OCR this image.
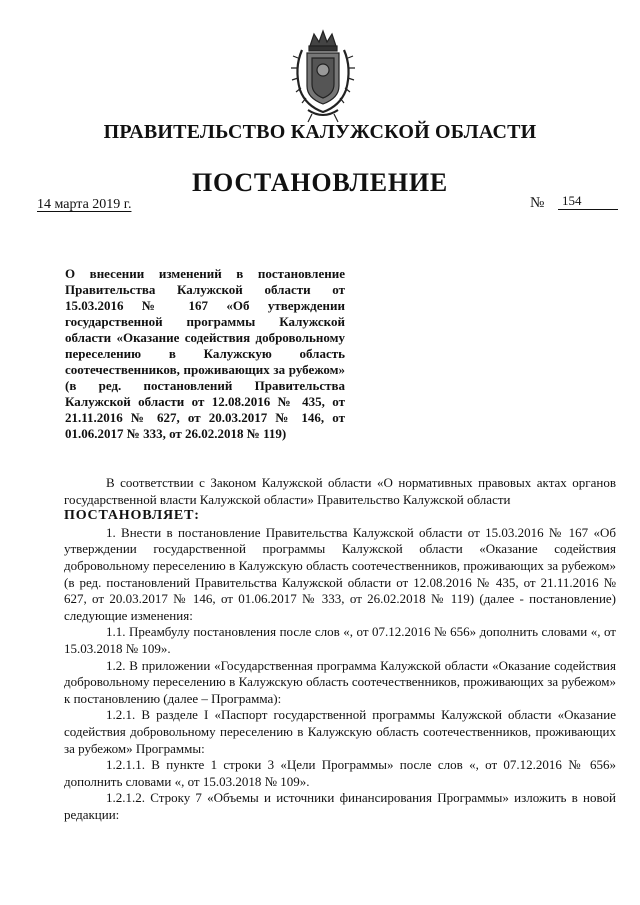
ПРАВИТЕЛЬСТВО КАЛУЖСКОЙ ОБЛАСТИ
ПОСТАНОВЛЕНИЕ
14 марта 2019 г.	№	154
О внесении изменений в постановление Правительства Калужской области от 15.03.2016 № 167 «Об утверждении государственной программы Калужской области «Оказание содействия добровольному переселению в Калужскую область соотечественников, проживающих за рубежом» (в ред. постановлений Правительства Калужской области от 12.08.2016 № 435, от 21.11.2016 № 627, от 20.03.2017 № 146, от 01.06.2017 № 333, от 26.02.2018 № 119)

В соответствии с Законом Калужской области «О нормативных правовых актах органов государственной власти Калужской области» Правительство Калужской области

ПОСТАНОВЛЯЕТ:

1. Внести в постановление Правительства Калужской области от 15.03.2016 № 167 «Об утверждении государственной программы Калужской области «Оказание содействия добровольному переселению в Калужскую область соотечественников, проживающих за рубежом» (в ред. постановлений Правительства Калужской области от 12.08.2016 № 435, от 21.11.2016 № 627, от 20.03.2017 № 146, от 01.06.2017 № 333, от 26.02.2018 № 119) (далее - постановление) следующие изменения:

1.1. Преамбулу постановления после слов «, от 07.12.2016 № 656» дополнить словами «, от 15.03.2018 № 109».

1.2. В приложении «Государственная программа Калужской области «Оказание содействия добровольному переселению в Калужскую область соотечественников, проживающих за рубежом» к постановлению (далее – Программа):

1.2.1. В разделе I «Паспорт государственной программы Калужской области «Оказание содействия добровольному переселению в Калужскую область соотечественников, проживающих за рубежом» Программы:

1.2.1.1. В пункте 1 строки 3 «Цели Программы» после слов «, от 07.12.2016 № 656» дополнить словами «, от 15.03.2018 № 109».

1.2.1.2. Строку 7 «Объемы и источники финансирования Программы» изложить в новой редакции:
